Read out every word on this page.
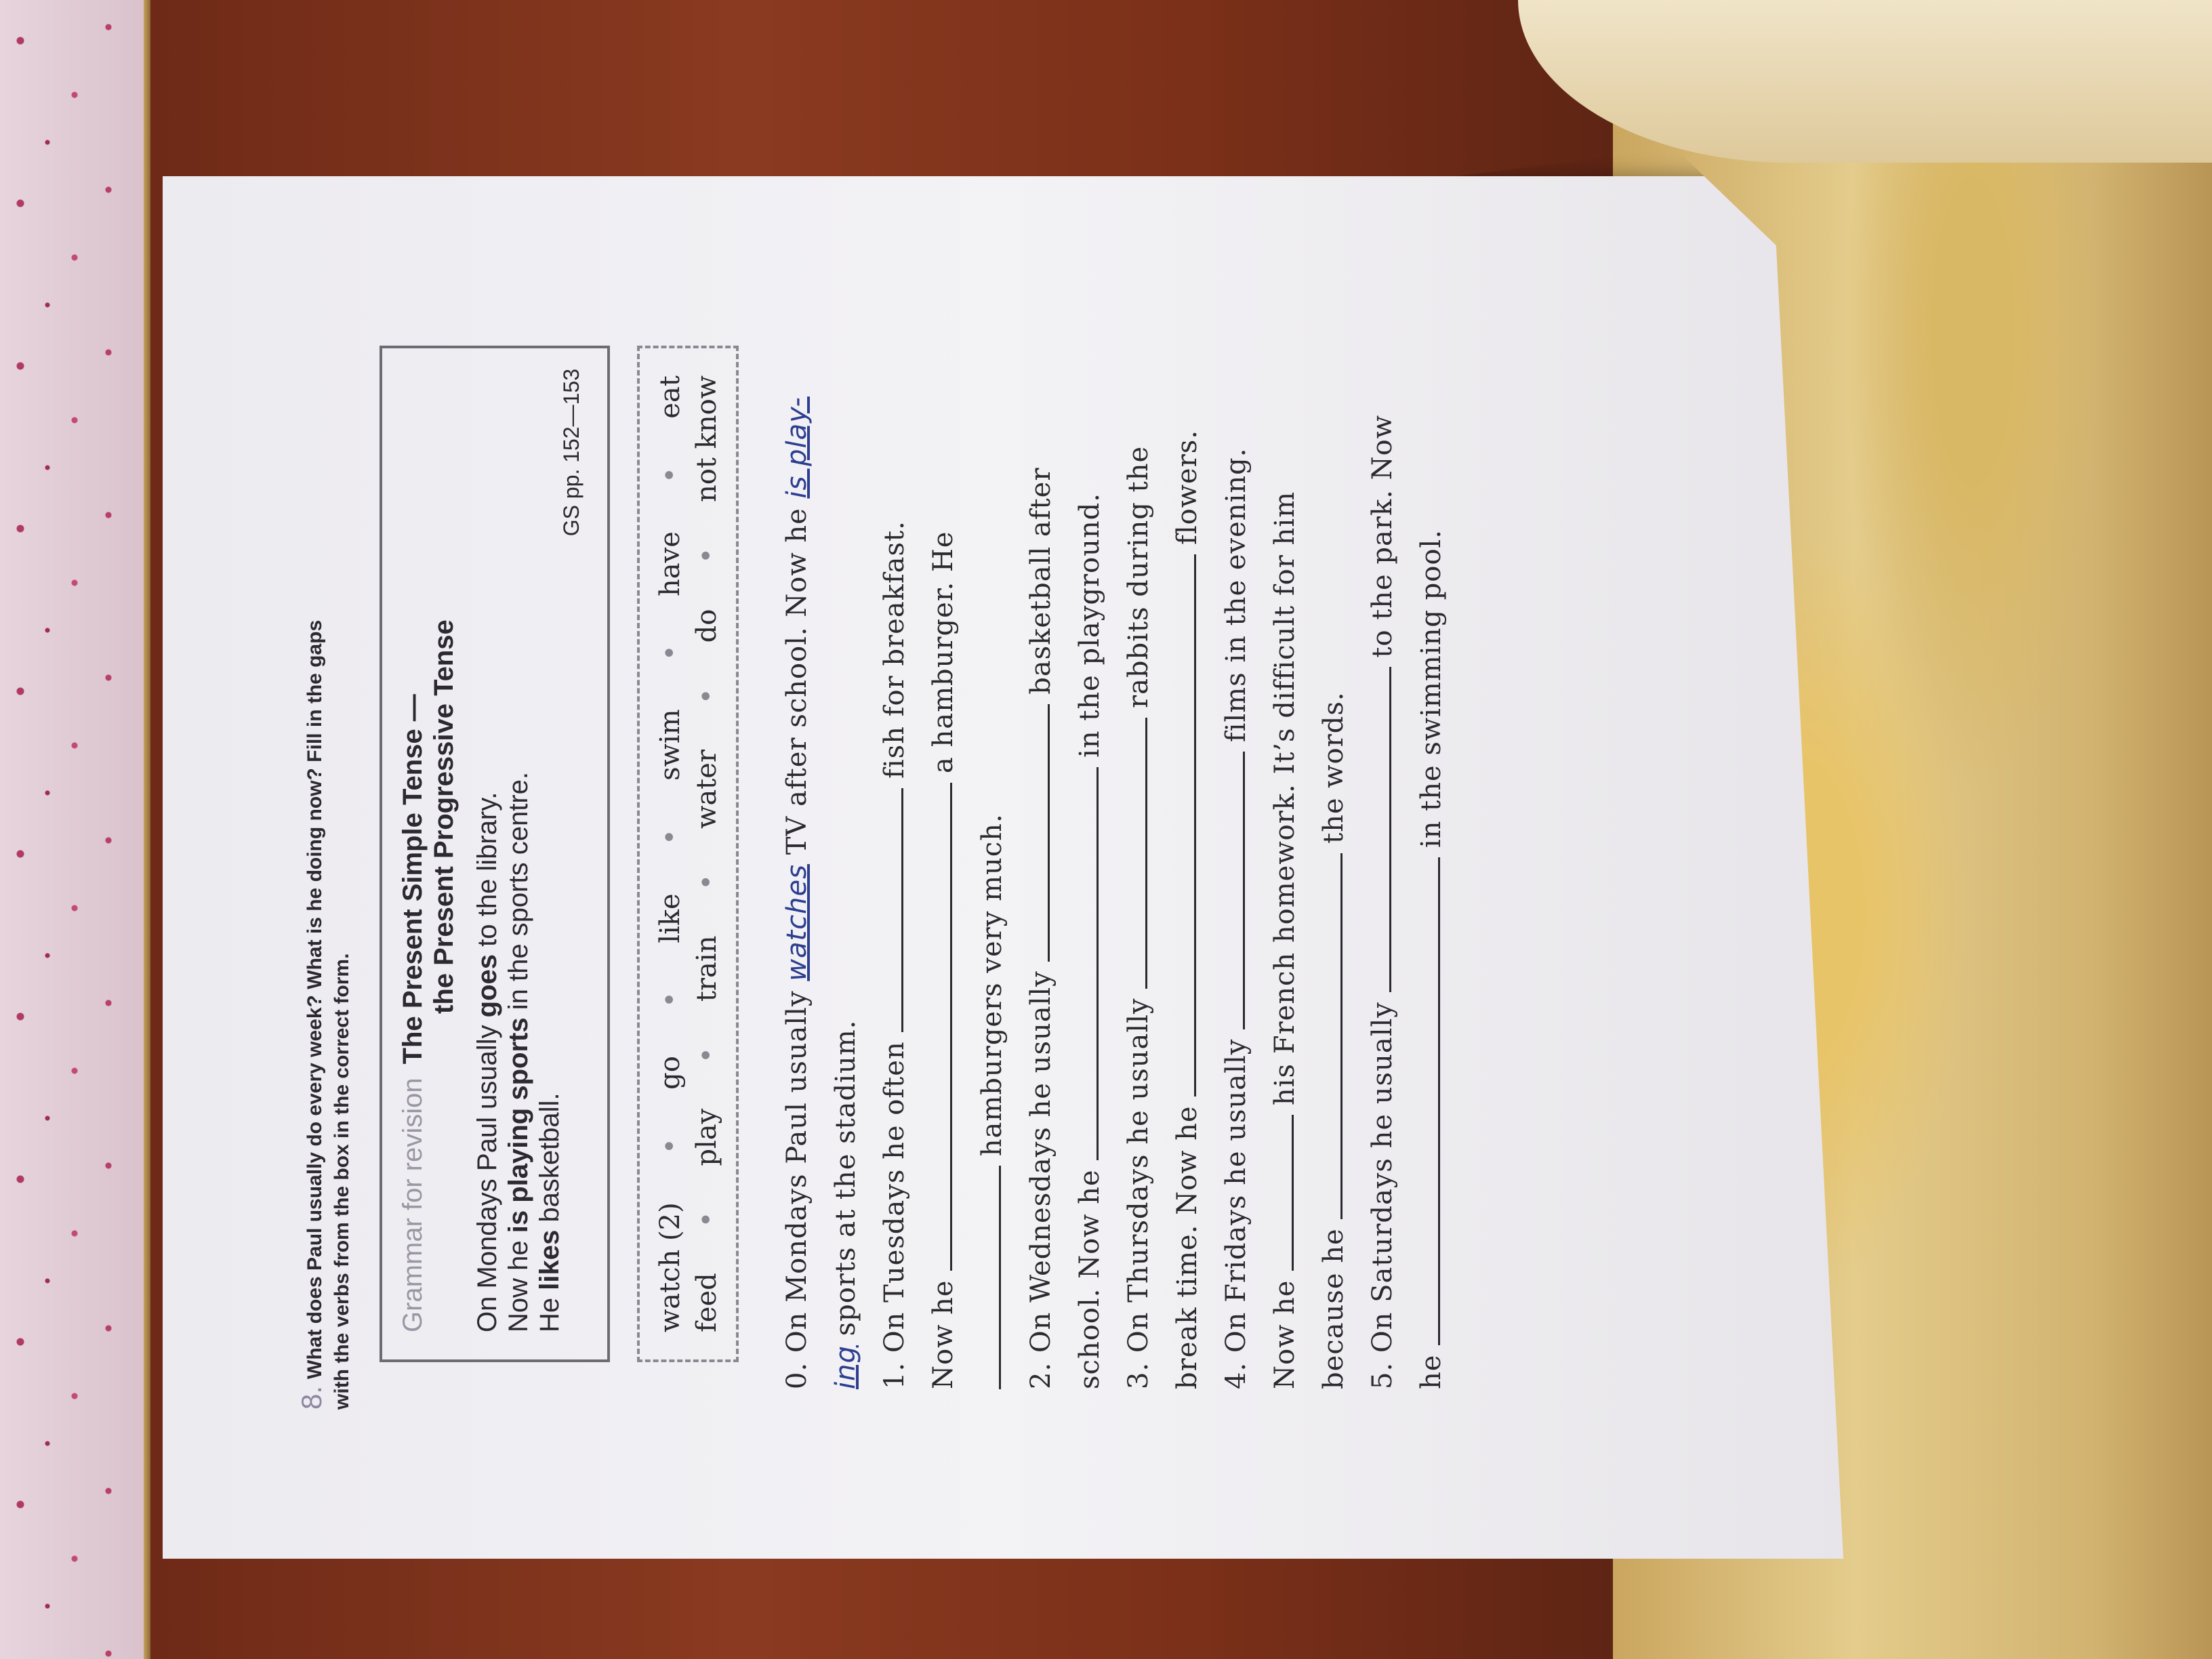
8.What does Paul usually do every week? What is he doing now? Fill in the gaps with the verbs from the box in the correct form. Grammar for revisionThe Present Simple Tense —
the Present Progressive Tense
On Mondays Paul usually goes to the library.
Now he is playing sports in the sports centre.
He likes basketball.
GS pp. 152—153
watch (2)
•
go
•
like
•
swim
•
have
•
eat
feed
•
play
•
train
•
water
•
do
•
not know
0. On Mondays Paul usually watches TV after school. Now he is play-
ing sports at the stadium. 1. On Tuesdays he often  fish for breakfast.
Now he  a hamburger. He
hamburgers very much. 2. On Wednesdays he usually  basketball after
school. Now he  in the playground.
3. On Thursdays he usually  rabbits during the
break time. Now he  flowers.
4. On Fridays he usually  films in the evening.
Now he  his French homework. It’s difficult for him
because he  the words.
5. On Saturdays he usually  to the park. Now
he  in the swimming pool.
